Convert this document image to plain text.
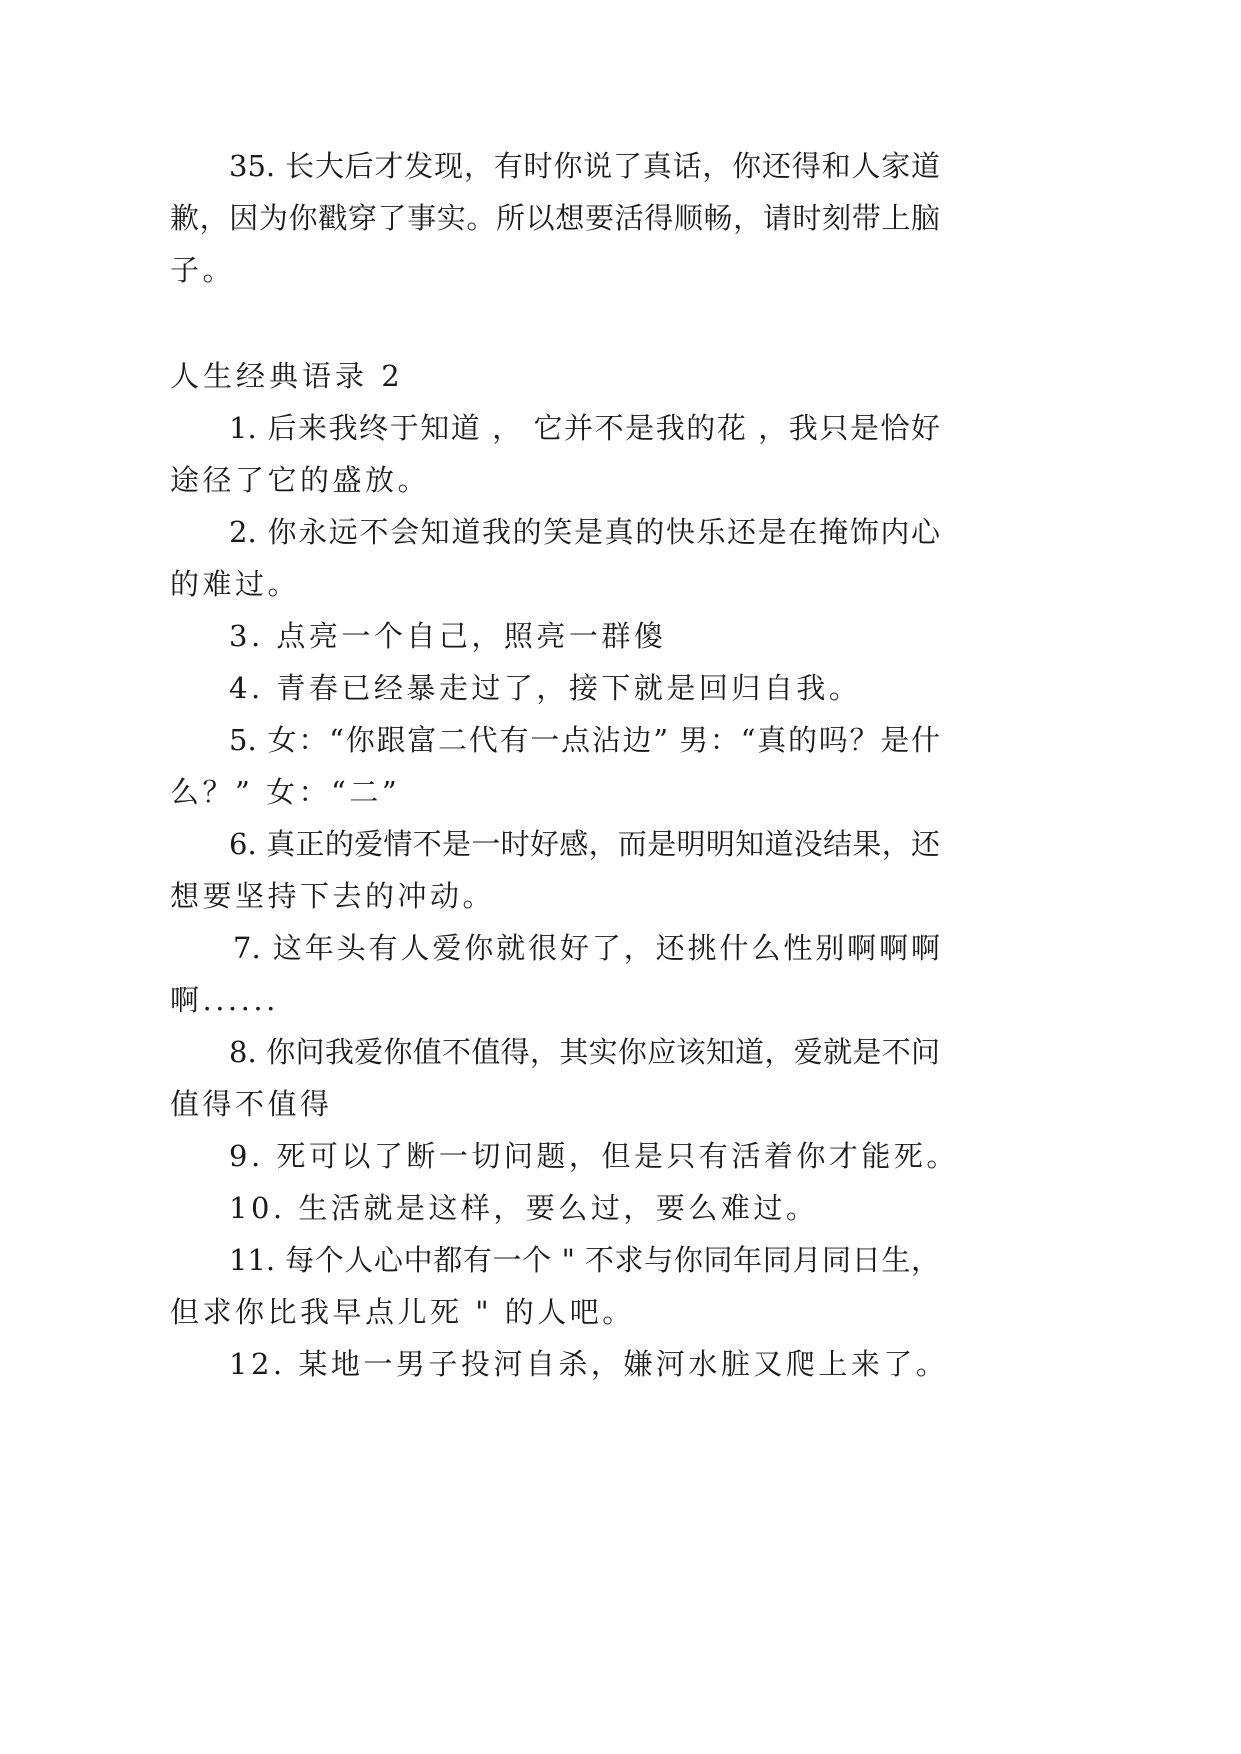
35. 长大后才发现，有时你说了真话，你还得和人家道
歉，因为你戳穿了事实。所以想要活得顺畅，请时刻带上脑
子。
人生经典语录 2
1. 后来我终于知道 ， 它并不是我的花 ，我只是恰好
途径了它的盛放。
2. 你永远不会知道我的笑是真的快乐还是在掩饰内心
的难过。
3. 点亮一个自己，照亮一群傻
4. 青春已经暴走过了，接下就是回归自我。
5. 女：“你跟富二代有一点沾边” 男：“真的吗？是什
么？” 女：“二”
6. 真正的爱情不是一时好感，而是明明知道没结果，还
想要坚持下去的冲动。
7. 这年头有人爱你就很好了，还挑什么性别啊啊啊
啊......
8. 你问我爱你值不值得，其实你应该知道，爱就是不问
值得不值得
9. 死可以了断一切问题，但是只有活着你才能死。
10. 生活就是这样，要么过，要么难过。
11. 每个人心中都有一个 " 不求与你同年同月同日生，
但求你比我早点儿死 " 的人吧。
12. 某地一男子投河自杀，嫌河水脏又爬上来了。
